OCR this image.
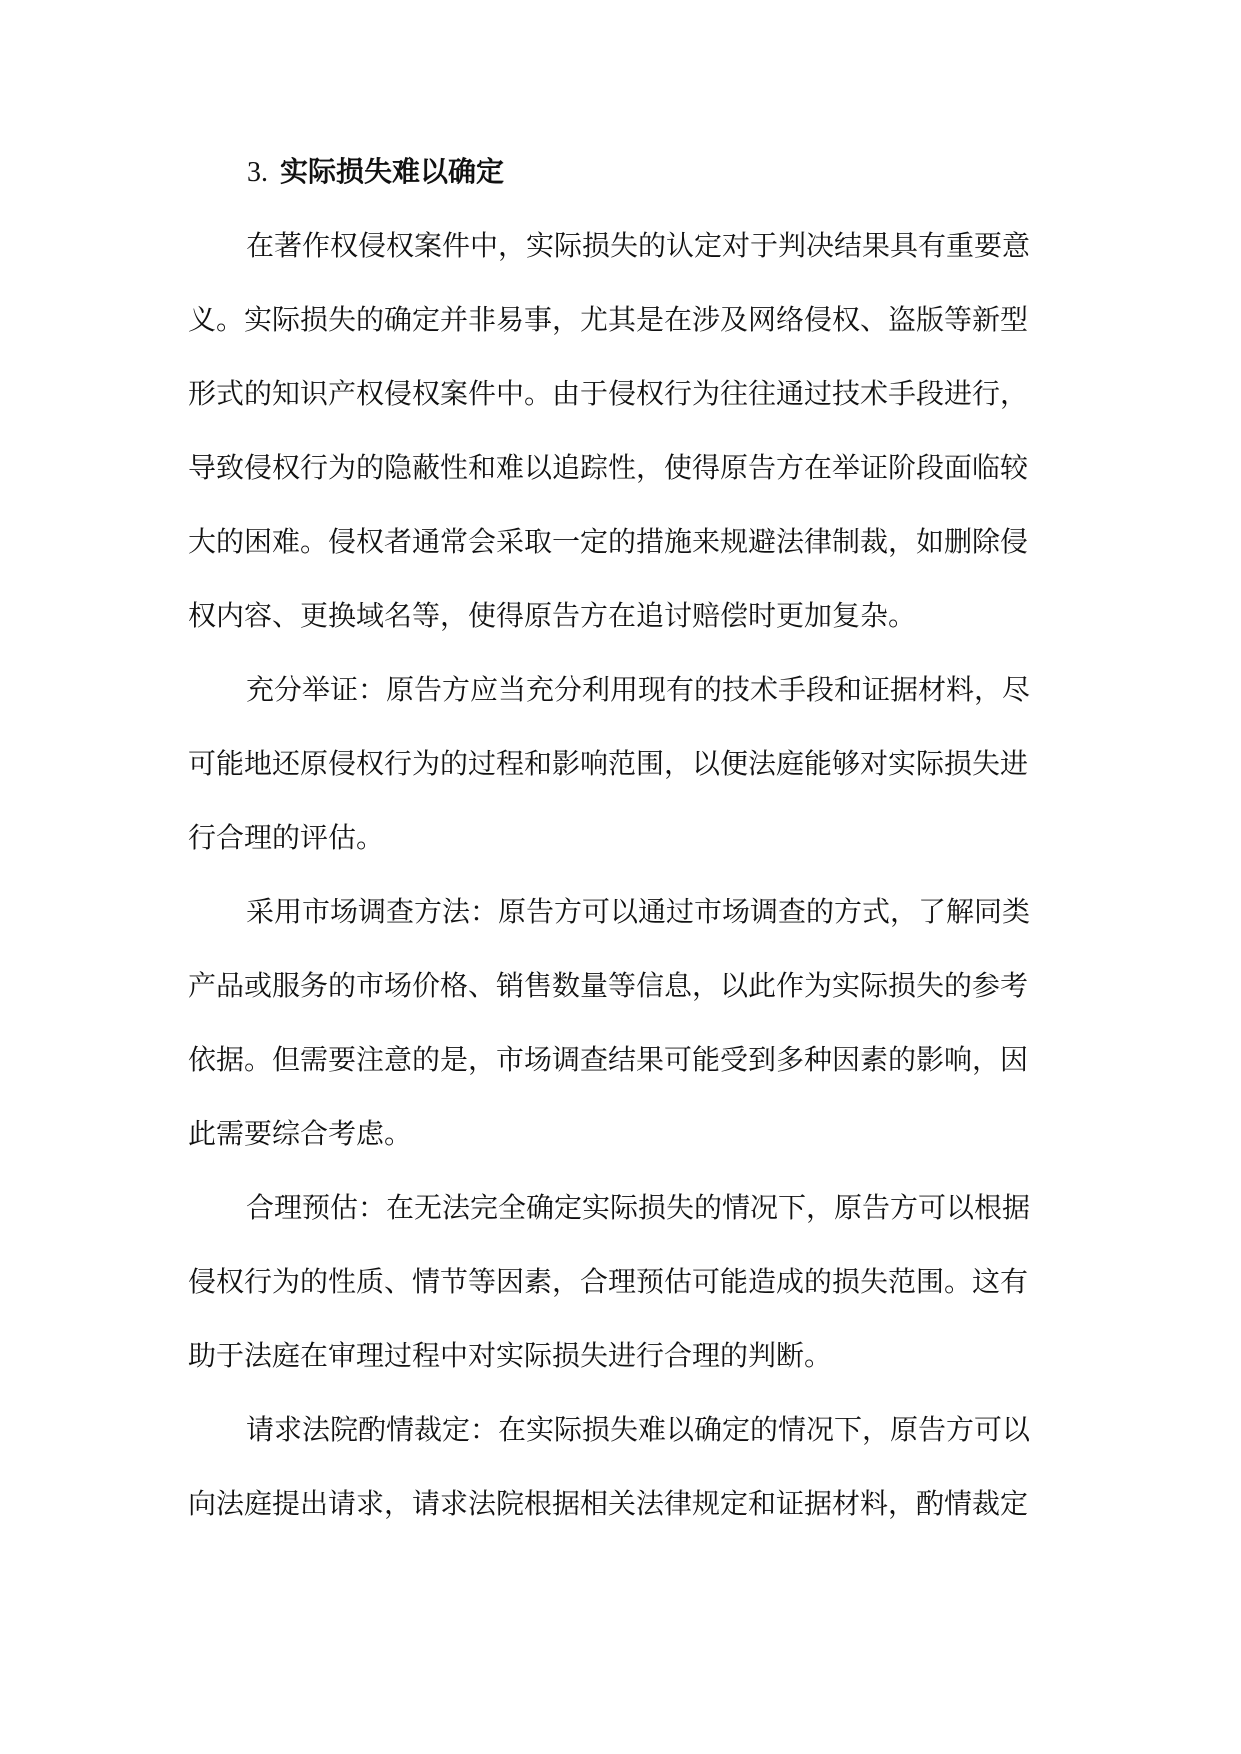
3. 实际损失难以确定
在著作权侵权案件中，实际损失的认定对于判决结果具有重要意
义。实际损失的确定并非易事，尤其是在涉及网络侵权、盗版等新型
形式的知识产权侵权案件中。由于侵权行为往往通过技术手段进行，
导致侵权行为的隐蔽性和难以追踪性，使得原告方在举证阶段面临较
大的困难。侵权者通常会采取一定的措施来规避法律制裁，如删除侵
权内容、更换域名等，使得原告方在追讨赔偿时更加复杂。
充分举证：原告方应当充分利用现有的技术手段和证据材料，尽
可能地还原侵权行为的过程和影响范围，以便法庭能够对实际损失进
行合理的评估。
采用市场调查方法：原告方可以通过市场调查的方式，了解同类
产品或服务的市场价格、销售数量等信息，以此作为实际损失的参考
依据。但需要注意的是，市场调查结果可能受到多种因素的影响，因
此需要综合考虑。
合理预估：在无法完全确定实际损失的情况下，原告方可以根据
侵权行为的性质、情节等因素，合理预估可能造成的损失范围。这有
助于法庭在审理过程中对实际损失进行合理的判断。
请求法院酌情裁定：在实际损失难以确定的情况下，原告方可以
向法庭提出请求，请求法院根据相关法律规定和证据材料，酌情裁定
